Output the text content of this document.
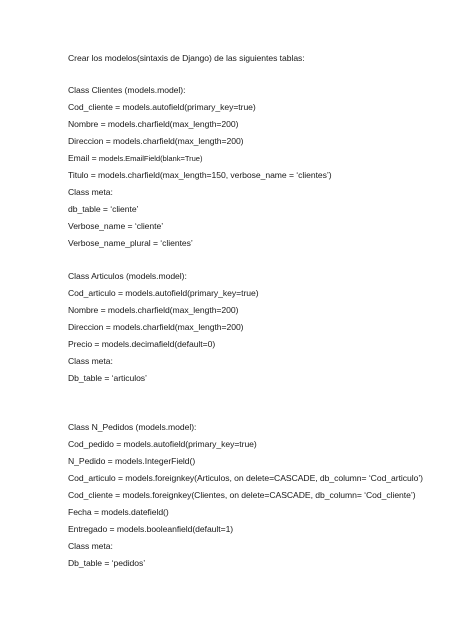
Crear los modelos(sintaxis de Django) de las siguientes tablas:
Class Clientes (models.model):
Cod_cliente = models.autofield(primary_key=true)
Nombre = models.charfield(max_length=200)
Direccion = models.charfield(max_length=200)
Email = models.EmailField(blank=True)
Titulo = models.charfield(max_length=150, verbose_name = ‘clientes’)
Class meta:
db_table = ‘cliente’
Verbose_name = ‘cliente’
Verbose_name_plural = ‘clientes’
Class Articulos (models.model):
Cod_articulo = models.autofield(primary_key=true)
Nombre = models.charfield(max_length=200)
Direccion = models.charfield(max_length=200)
Precio = models.decimafield(default=0)
Class meta:
Db_table = ‘articulos’
Class N_Pedidos (models.model):
Cod_pedido = models.autofield(primary_key=true)
N_Pedido = models.IntegerField()
Cod_articulo = models.foreignkey(Articulos, on delete=CASCADE, db_column= ‘Cod_articulo’)
Cod_cliente = models.foreignkey(Clientes, on delete=CASCADE, db_column= ‘Cod_cliente’)
Fecha = models.datefield()
Entregado = models.booleanfield(default=1)
Class meta:
Db_table = ‘pedidos’
